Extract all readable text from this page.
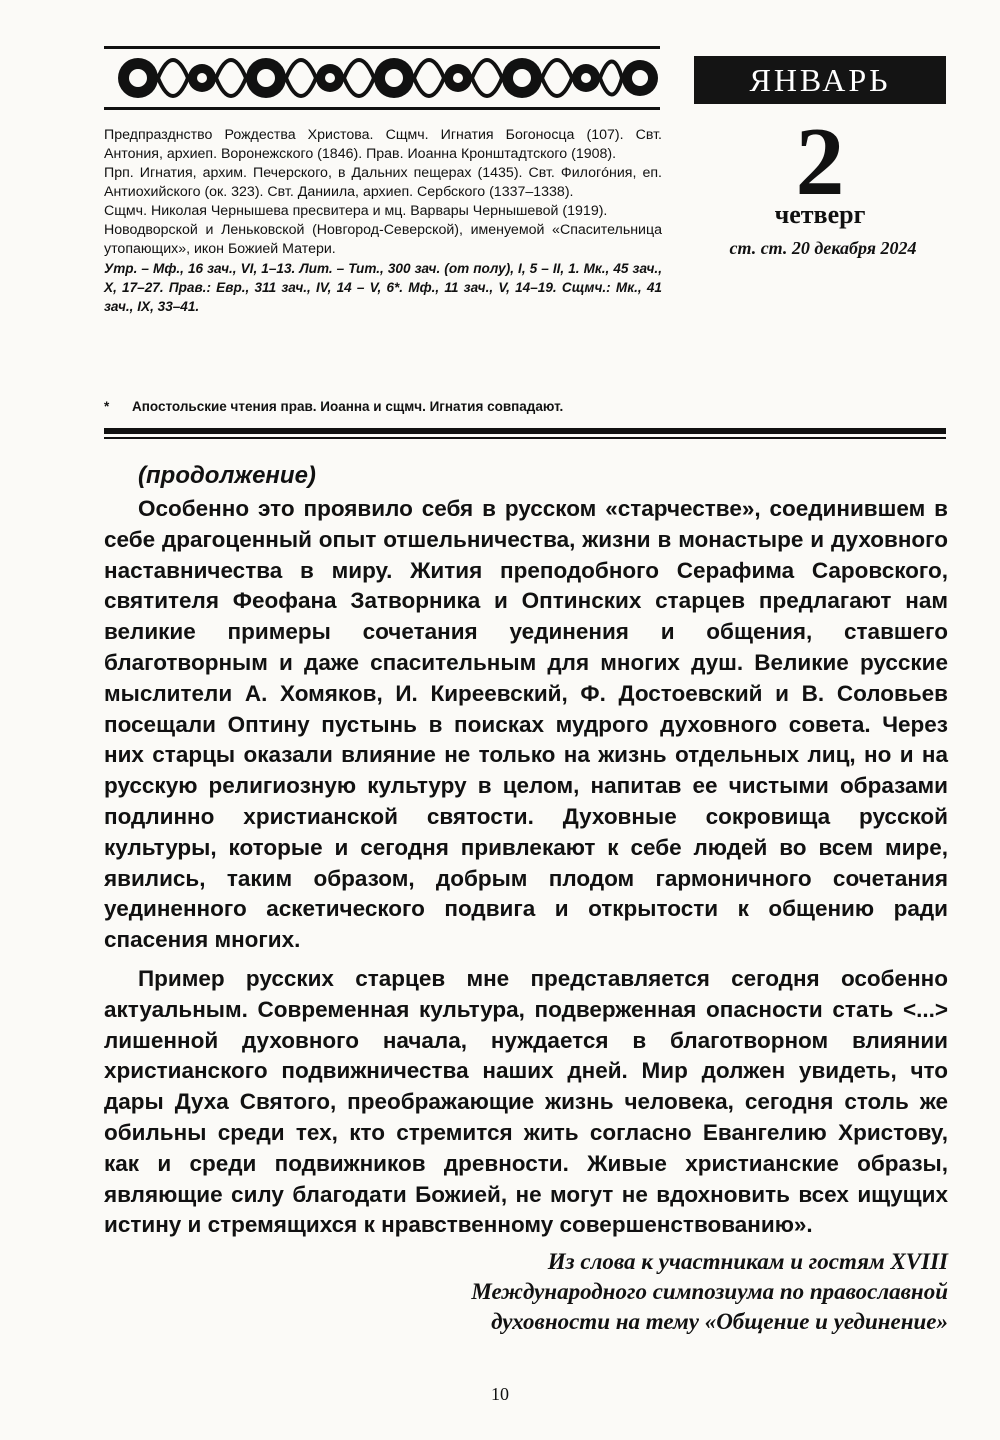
ЯНВАРЬ
2
четверг
ст. ст. 20 декабря 2024

Предпразднство Рождества Христова. Сщмч. Игнатия Богоносца (107). Свт. Антония, архиеп. Воронежского (1846). Прав. Иоанна Кронштадтского (1908).

Прп. Игнатия, архим. Печерского, в Дальних пещерах (1435). Свт. Филогóния, еп. Антиохийского (ок. 323). Свт. Даниила, архиеп. Сербского (1337–1338).

Сщмч. Николая Чернышева пресвитера и мц. Варвары Чернышевой (1919).

Новодворской и Леньковской (Новгород-Северской), именуемой «Спасительница утопающих», икон Божией Матери.

Утр. – Мф., 16 зач., VI, 1–13. Лит. – Тит., 300 зач. (от полу), I, 5 – II, 1. Мк., 45 зач., X, 17–27. Прав.: Евр., 311 зач., IV, 14 – V, 6*. Мф., 11 зач., V, 14–19. Сщмч.: Мк., 41 зач., IX, 33–41.

* Апостольские чтения прав. Иоанна и сщмч. Игнатия совпадают.
(продолжение)

Особенно это проявило себя в русском «старчестве», соединившем в себе драгоценный опыт отшельничества, жизни в монастыре и духовного наставничества в миру. Жития преподобного Серафима Саровского, святителя Феофана Затворника и Оптинских старцев предлагают нам великие примеры сочетания уединения и общения, ставшего благотворным и даже спасительным для многих душ. Великие русские мыслители А. Хомяков, И. Киреевский, Ф. Достоевский и В. Соловьев посещали Оптину пустынь в поисках мудрого духовного совета. Через них старцы оказали влияние не только на жизнь отдельных лиц, но и на русскую религиозную культуру в целом, напитав ее чистыми образами подлинно христианской святости. Духовные сокровища русской культуры, которые и сегодня привлекают к себе людей во всем мире, явились, таким образом, добрым плодом гармоничного сочетания уединенного аскетического подвига и открытости к общению ради спасения многих.

Пример русских старцев мне представляется сегодня особенно актуальным. Современная культура, подверженная опасности стать <...> лишенной духовного начала, нуждается в благотворном влиянии христианского подвижничества наших дней. Мир должен увидеть, что дары Духа Святого, преображающие жизнь человека, сегодня столь же обильны среди тех, кто стремится жить согласно Евангелию Христову, как и среди подвижников древности. Живые христианские образы, являющие силу благодати Божией, не могут не вдохновить всех ищущих истину и стремящихся к нравственному совершенствованию».

Из слова к участникам и гостям XVIII
Международного симпозиума по православной
духовности на тему «Общение и уединение»
10
